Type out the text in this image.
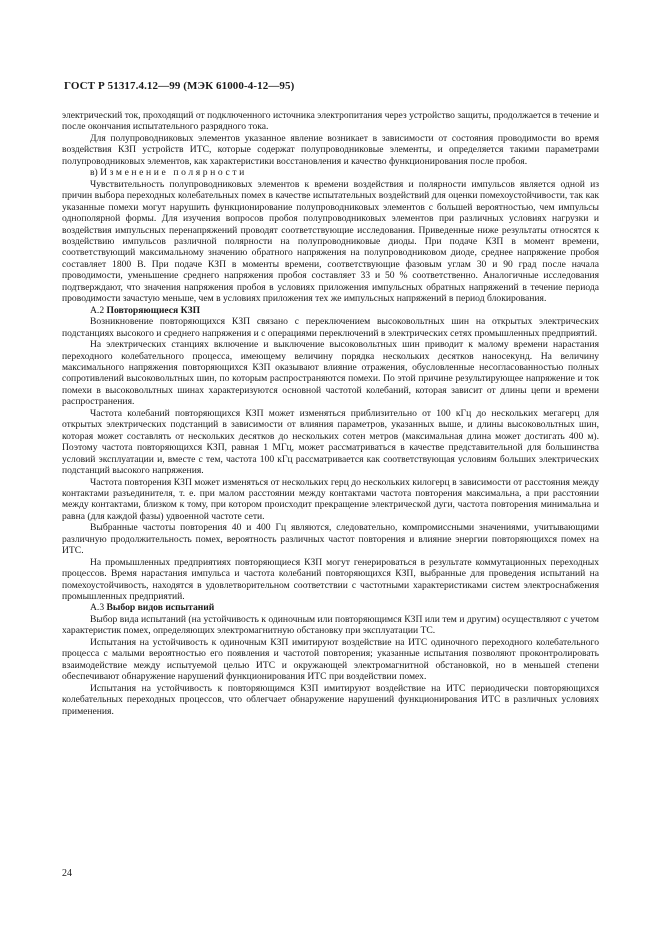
ГОСТ Р 51317.4.12—99 (МЭК 61000-4-12—95)

электрический ток, проходящий от подключенного источника электропитания через устройство защиты, продолжается в течение и после окончания испытательного разрядного тока.

Для полупроводниковых элементов указанное явление возникает в зависимости от состояния проводимости во время воздействия КЗП устройств ИТС, которые содержат полупроводниковые элементы, и определяется такими параметрами полупроводниковых элементов, как характеристики восстановления и качество функционирования после пробоя.

в) Изменение полярности

Чувствительность полупроводниковых элементов к времени воздействия и полярности импульсов является одной из причин выбора переходных колебательных помех в качестве испытательных воздействий для оценки помехоустойчивости, так как указанные помехи могут нарушить функционирование полупроводниковых элементов с большей вероятностью, чем импульсы однополярной формы. Для изучения вопросов пробоя полупроводниковых элементов при различных условиях нагрузки и воздействия импульсных перенапряжений проводят соответствующие исследования. Приведенные ниже результаты относятся к воздействию импульсов различной полярности на полупроводниковые диоды. При подаче КЗП в момент времени, соответствующий максимальному значению обратного напряжения на полупроводниковом диоде, среднее напряжение пробоя составляет 1800 В. При подаче КЗП в моменты времени, соответствующие фазовым углам 30 и 90 град после начала проводимости, уменьшение среднего напряжения пробоя составляет 33 и 50 % соответственно. Аналогичные исследования подтверждают, что значения напряжения пробоя в условиях приложения импульсных обратных напряжений в течение периода проводимости зачастую меньше, чем в условиях приложения тех же импульсных напряжений в период блокирования.

А.2 Повторяющиеся КЗП

Возникновение повторяющихся КЗП связано с переключением высоковольтных шин на открытых электрических подстанциях высокого и среднего напряжения и с операциями переключений в электрических сетях промышленных предприятий.

На электрических станциях включение и выключение высоковольтных шин приводит к малому времени нарастания переходного колебательного процесса, имеющему величину порядка нескольких десятков наносекунд. На величину максимального напряжения повторяющихся КЗП оказывают влияние отражения, обусловленные несогласованностью полных сопротивлений высоковольтных шин, по которым распространяются помехи. По этой причине результирующее напряжение и ток помехи в высоковольтных шинах характеризуются основной частотой колебаний, которая зависит от длины цепи и времени распространения.

Частота колебаний повторяющихся КЗП может изменяться приблизительно от 100 кГц до нескольких мегагерц для открытых электрических подстанций в зависимости от влияния параметров, указанных выше, и длины высоковольтных шин, которая может составлять от нескольких десятков до нескольких сотен метров (максимальная длина может достигать 400 м). Поэтому частота повторяющихся КЗП, равная 1 МГц, может рассматриваться в качестве представительной для большинства условий эксплуатации и, вместе с тем, частота 100 кГц рассматривается как соответствующая условиям больших электрических подстанций высокого напряжения.

Частота повторения КЗП может изменяться от нескольких герц до нескольких килогерц в зависимости от расстояния между контактами разъединителя, т. е. при малом расстоянии между контактами частота повторения максимальна, а при расстоянии между контактами, близком к тому, при котором происходит прекращение электрической дуги, частота повторения минимальна и равна (для каждой фазы) удвоенной частоте сети.

Выбранные частоты повторения 40 и 400 Гц являются, следовательно, компромиссными значениями, учитывающими различную продолжительность помех, вероятность различных частот повторения и влияние энергии повторяющихся помех на ИТС.

На промышленных предприятиях повторяющиеся КЗП могут генерироваться в результате коммутационных переходных процессов. Время нарастания импульса и частота колебаний повторяющихся КЗП, выбранные для проведения испытаний на помехоустойчивость, находятся в удовлетворительном соответствии с частотными характеристиками систем электроснабжения промышленных предприятий.

А.3 Выбор видов испытаний

Выбор вида испытаний (на устойчивость к одиночным или повторяющимся КЗП или тем и другим) осуществляют с учетом характеристик помех, определяющих электромагнитную обстановку при эксплуатации ТС.

Испытания на устойчивость к одиночным КЗП имитируют воздействие на ИТС одиночного переходного колебательного процесса с малыми вероятностью его появления и частотой повторения; указанные испытания позволяют проконтролировать взаимодействие между испытуемой целью ИТС и окружающей электромагнитной обстановкой, но в меньшей степени обеспечивают обнаружение нарушений функционирования ИТС при воздействии помех.

Испытания на устойчивость к повторяющимся КЗП имитируют воздействие на ИТС периодически повторяющихся колебательных переходных процессов, что облегчает обнаружение нарушений функционирования ИТС в различных условиях применения.

24
